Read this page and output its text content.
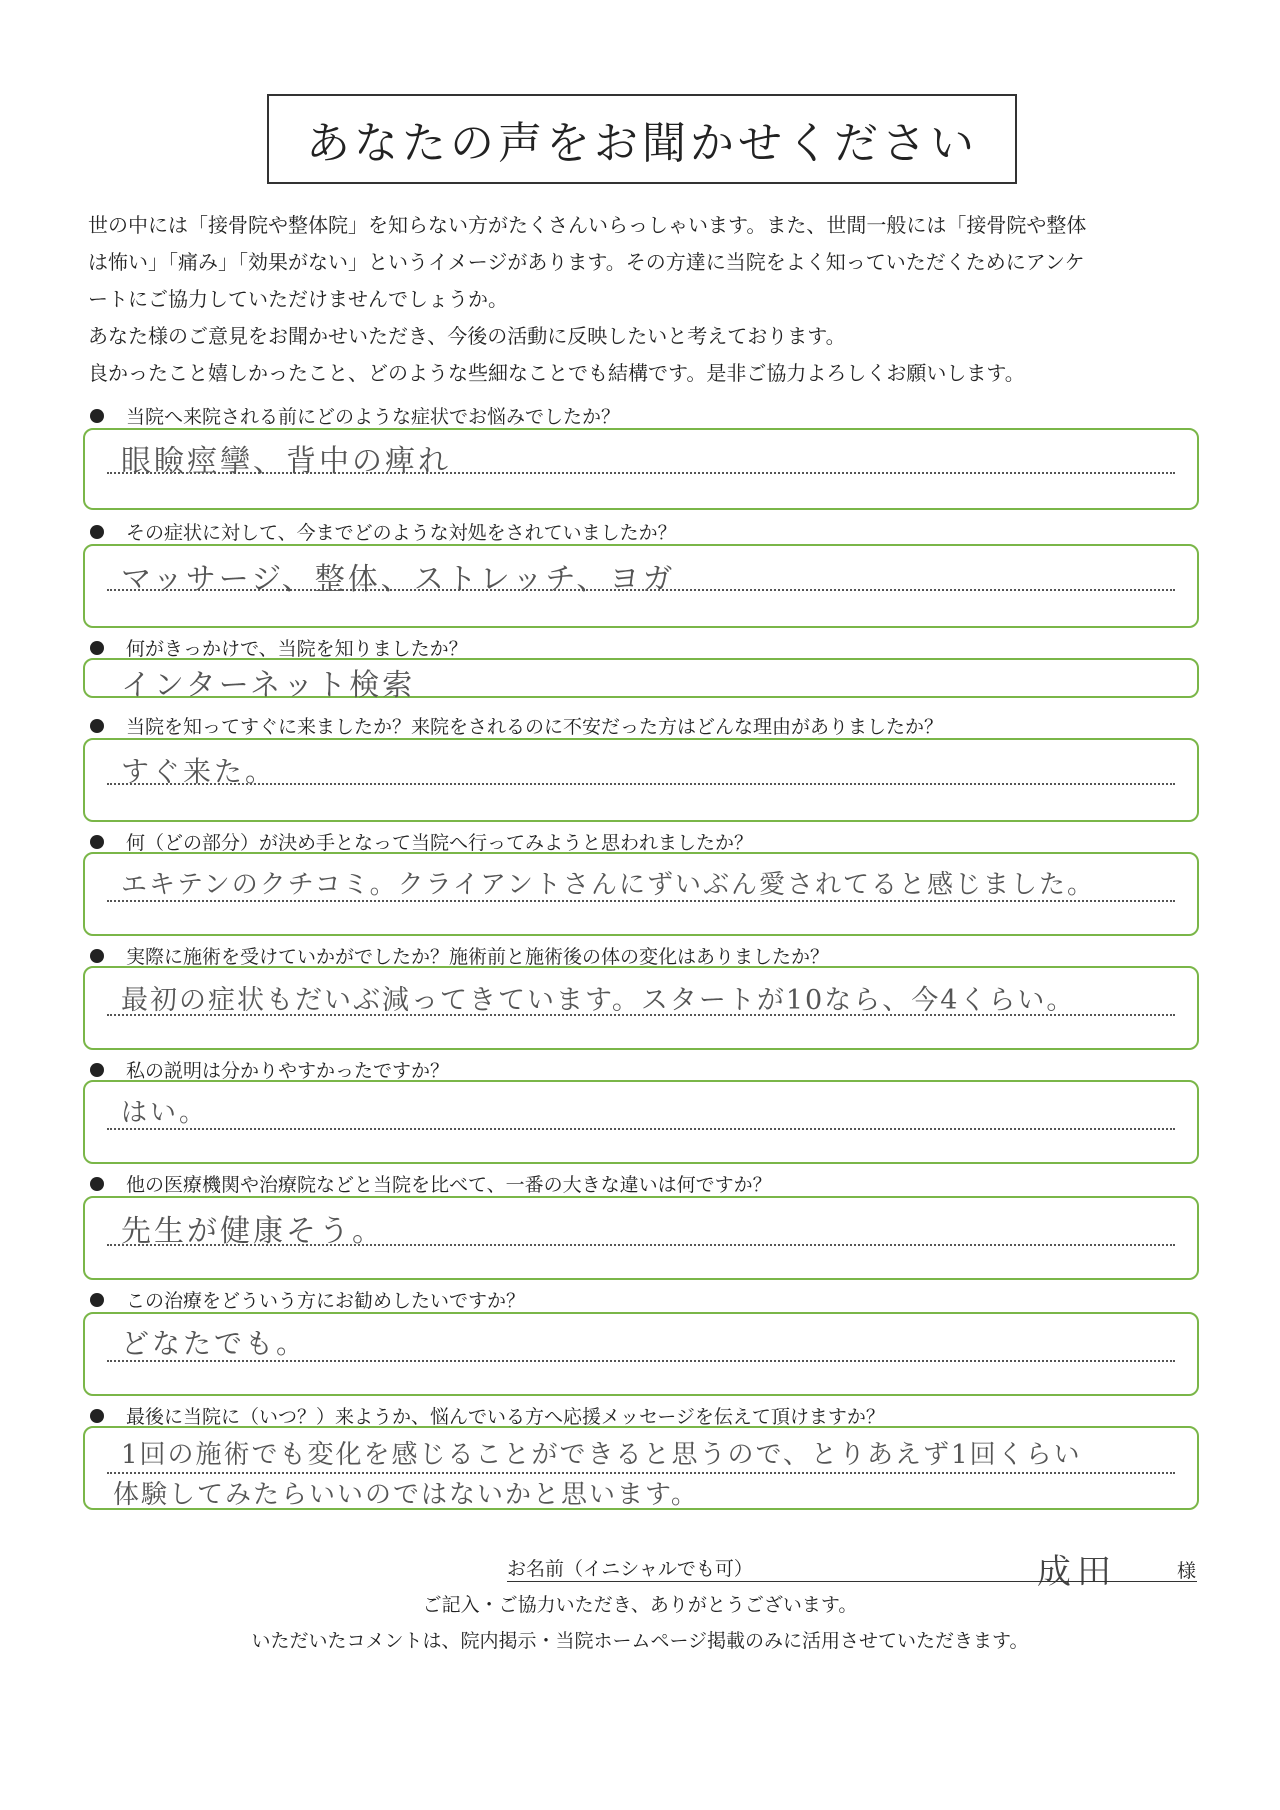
あなたの声をお聞かせください

世の中には「接骨院や整体院」を知らない方がたくさんいらっしゃいます。また、世間一般には「接骨院や整体

は怖い」「痛み」「効果がない」というイメージがあります。その方達に当院をよく知っていただくためにアンケ

ートにご協力していただけませんでしょうか。

あなた様のご意見をお聞かせいただき、今後の活動に反映したいと考えております。

良かったこと嬉しかったこと、どのような些細なことでも結構です。是非ご協力よろしくお願いします。

当院へ来院される前にどのような症状でお悩みでしたか？
眼瞼痙攣、背中の痺れ
その症状に対して、今までどのような対処をされていましたか？
マッサージ、整体、ストレッチ、ヨガ
何がきっかけで、当院を知りましたか？
インターネット検索
当院を知ってすぐに来ましたか？来院をされるのに不安だった方はどんな理由がありましたか？
すぐ来た。
何（どの部分）が決め手となって当院へ行ってみようと思われましたか？
エキテンのクチコミ。クライアントさんにずいぶん愛されてると感じました。
実際に施術を受けていかがでしたか？施術前と施術後の体の変化はありましたか？
最初の症状もだいぶ減ってきています。スタートが10なら、今4くらい。
私の説明は分かりやすかったですか？
はい。
他の医療機関や治療院などと当院を比べて、一番の大きな違いは何ですか？
先生が健康そう。
この治療をどういう方にお勧めしたいですか？
どなたでも。
最後に当院に（いつ？）来ようか、悩んでいる方へ応援メッセージを伝えて頂けますか？
1回の施術でも変化を感じることができると思うので、とりあえず1回くらい
体験してみたらいいのではないかと思います。
お名前（イニシャルでも可）	成田	様
ご記入・ご協力いただき、ありがとうございます。
いただいたコメントは、院内掲示・当院ホームページ掲載のみに活用させていただきます。
